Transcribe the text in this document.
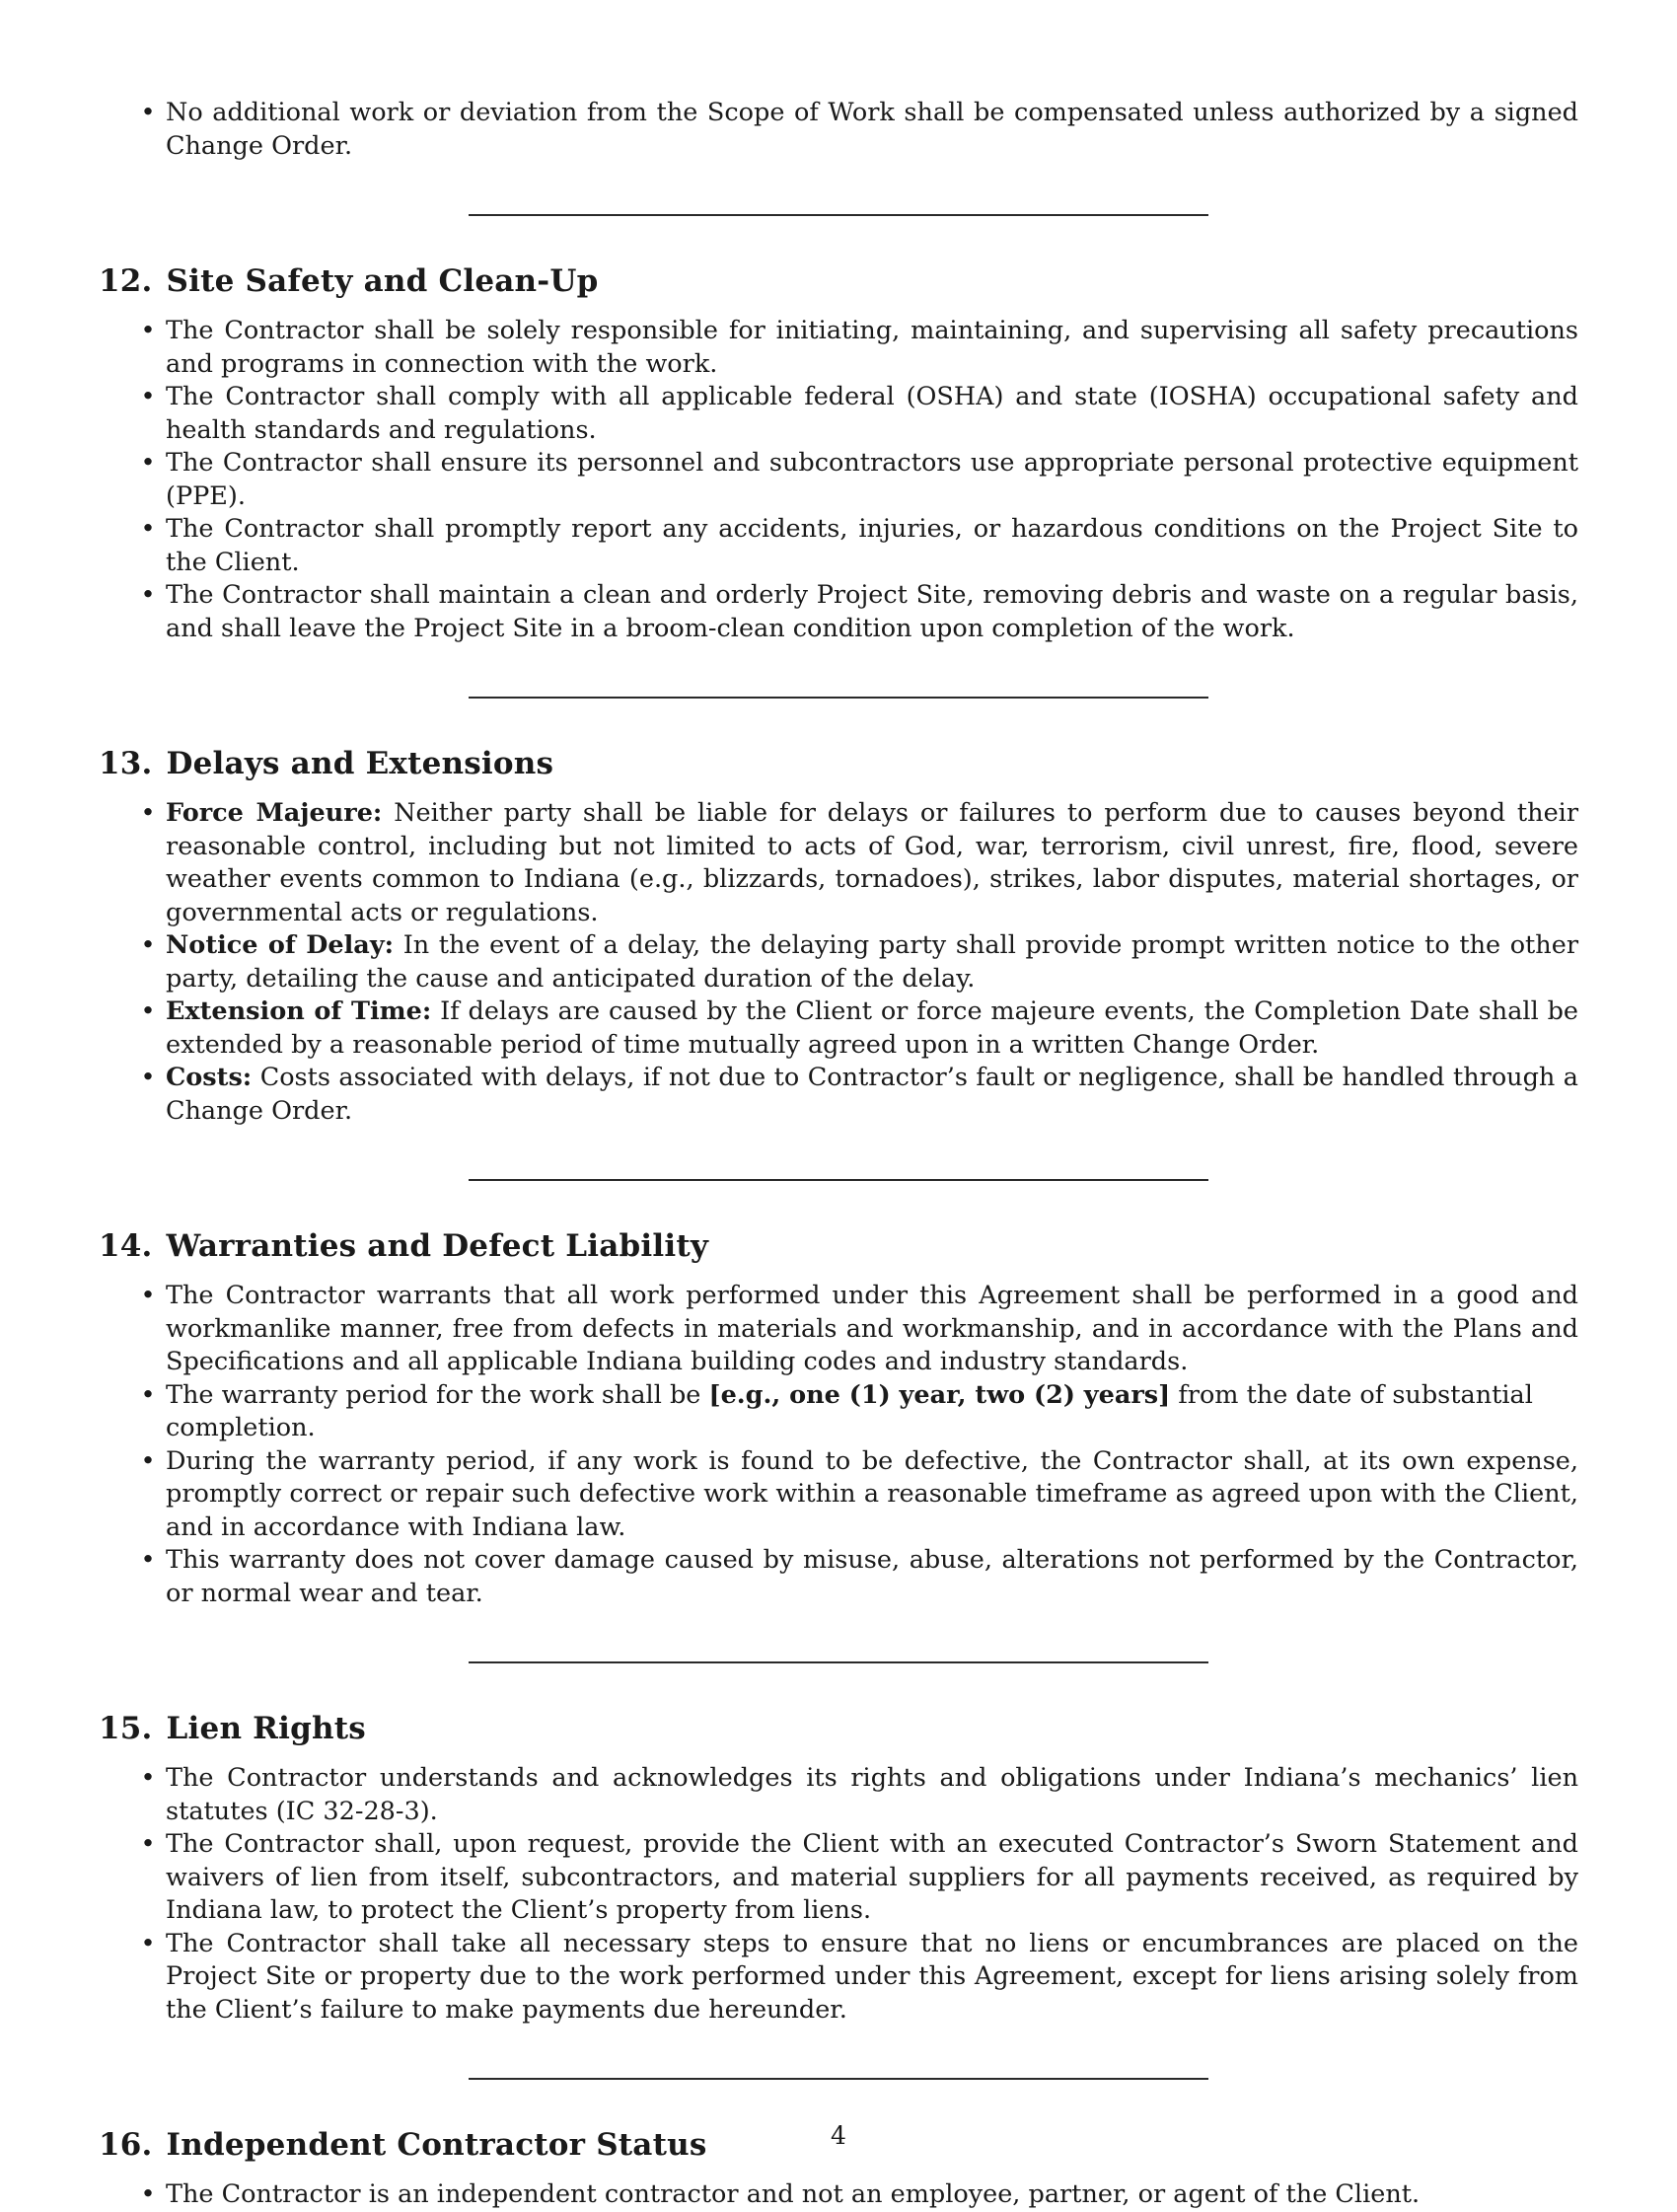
• No additional work or deviation from the Scope of Work shall be compensated unless authorized by a signed Change Order.
12. Site Safety and Clean-Up
• The Contractor shall be solely responsible for initiating, maintaining, and supervising all safety precautions and programs in connection with the work.
• The Contractor shall comply with all applicable federal (OSHA) and state (IOSHA) occupational safety and health standards and regulations.
• The Contractor shall ensure its personnel and subcontractors use appropriate personal protective equipment (PPE).
• The Contractor shall promptly report any accidents, injuries, or hazardous conditions on the Project Site to the Client.
• The Contractor shall maintain a clean and orderly Project Site, removing debris and waste on a regular basis, and shall leave the Project Site in a broom-clean condition upon completion of the work.
13. Delays and Extensions
• Force Majeure: Neither party shall be liable for delays or failures to perform due to causes beyond their reasonable control, including but not limited to acts of God, war, terrorism, civil unrest, fire, flood, severe weather events common to Indiana (e.g., blizzards, tornadoes), strikes, labor disputes, material shortages, or governmental acts or regulations.
• Notice of Delay: In the event of a delay, the delaying party shall provide prompt written notice to the other party, detailing the cause and anticipated duration of the delay.
• Extension of Time: If delays are caused by the Client or force majeure events, the Completion Date shall be extended by a reasonable period of time mutually agreed upon in a written Change Order.
• Costs: Costs associated with delays, if not due to Contractor’s fault or negligence, shall be handled through a Change Order.
14. Warranties and Defect Liability
• The Contractor warrants that all work performed under this Agreement shall be performed in a good and workmanlike manner, free from defects in materials and workmanship, and in accordance with the Plans and Specifications and all applicable Indiana building codes and industry standards.
• The warranty period for the work shall be [e.g., one (1) year, two (2) years] from the date of substantial completion.
• During the warranty period, if any work is found to be defective, the Contractor shall, at its own expense, promptly correct or repair such defective work within a reasonable timeframe as agreed upon with the Client, and in accordance with Indiana law.
• This warranty does not cover damage caused by misuse, abuse, alterations not performed by the Contractor, or normal wear and tear.
15. Lien Rights
• The Contractor understands and acknowledges its rights and obligations under Indiana’s mechanics’ lien statutes (IC 32-28-3).
• The Contractor shall, upon request, provide the Client with an executed Contractor’s Sworn Statement and waivers of lien from itself, subcontractors, and material suppliers for all payments received, as required by Indiana law, to protect the Client’s property from liens.
• The Contractor shall take all necessary steps to ensure that no liens or encumbrances are placed on the Project Site or property due to the work performed under this Agreement, except for liens arising solely from the Client’s failure to make payments due hereunder.
16. Independent Contractor Status
• The Contractor is an independent contractor and not an employee, partner, or agent of the Client.
4
